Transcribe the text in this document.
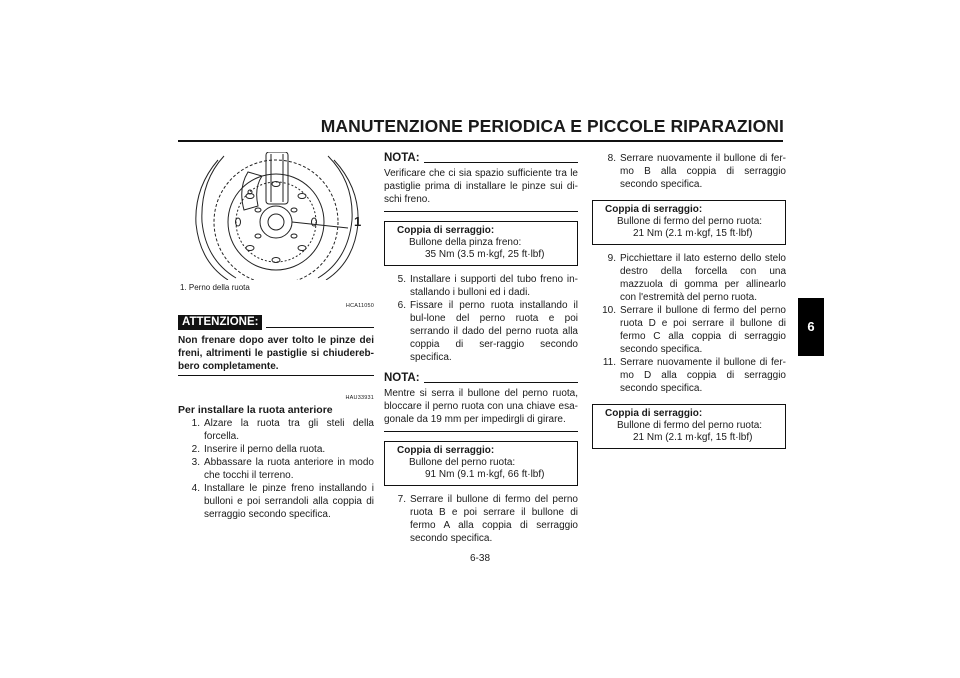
MANUTENZIONE PERIODICA E PICCOLE RIPARAZIONI
6
6-38
1
1. Perno della ruota
HCA11050
ATTENZIONE:

Non frenare dopo aver tolto le pinze dei freni, altrimenti le pastiglie si chiudereb-bero completamente.

HAU33931
Per installare la ruota anteriore
1. Alzare la ruota tra gli steli della forcella.
2. Inserire il perno della ruota.
3. Abbassare la ruota anteriore in modo che tocchi il terreno.
4. Installare le pinze freno installando i bulloni e poi serrandoli alla coppia di serraggio secondo specifica.
NOTA:

Verificare che ci sia spazio sufficiente tra le pastiglie prima di installare le pinze sui di-schi freno.

Coppia di serraggio:
Bullone della pinza freno:
35 Nm (3.5 m·kgf, 25 ft·lbf)
5. Installare i supporti del tubo freno in-stallando i bulloni ed i dadi.
6. Fissare il perno ruota installando il bul-lone del perno ruota e poi serrando il dado del perno ruota alla coppia di ser-raggio secondo specifica.
NOTA:

Mentre si serra il bullone del perno ruota, bloccare il perno ruota con una chiave esa-gonale da 19 mm per impedirgli di girare.

Coppia di serraggio:
Bullone del perno ruota:
91 Nm (9.1 m·kgf, 66 ft·lbf)
7. Serrare il bullone di fermo del perno ruota B e poi serrare il bullone di fermo A alla coppia di serraggio secondo specifica.
8. Serrare nuovamente il bullone di fer-mo B alla coppia di serraggio secondo specifica.
Coppia di serraggio:
Bullone di fermo del perno ruota:
21 Nm (2.1 m·kgf, 15 ft·lbf)
9. Picchiettare il lato esterno dello stelo destro della forcella con una mazzuola di gomma per allinearlo con l'estremità del perno ruota.
10. Serrare il bullone di fermo del perno ruota D e poi serrare il bullone di fermo C alla coppia di serraggio secondo specifica.
11. Serrare nuovamente il bullone di fer-mo D alla coppia di serraggio secondo specifica.
Coppia di serraggio:
Bullone di fermo del perno ruota:
21 Nm (2.1 m·kgf, 15 ft·lbf)
